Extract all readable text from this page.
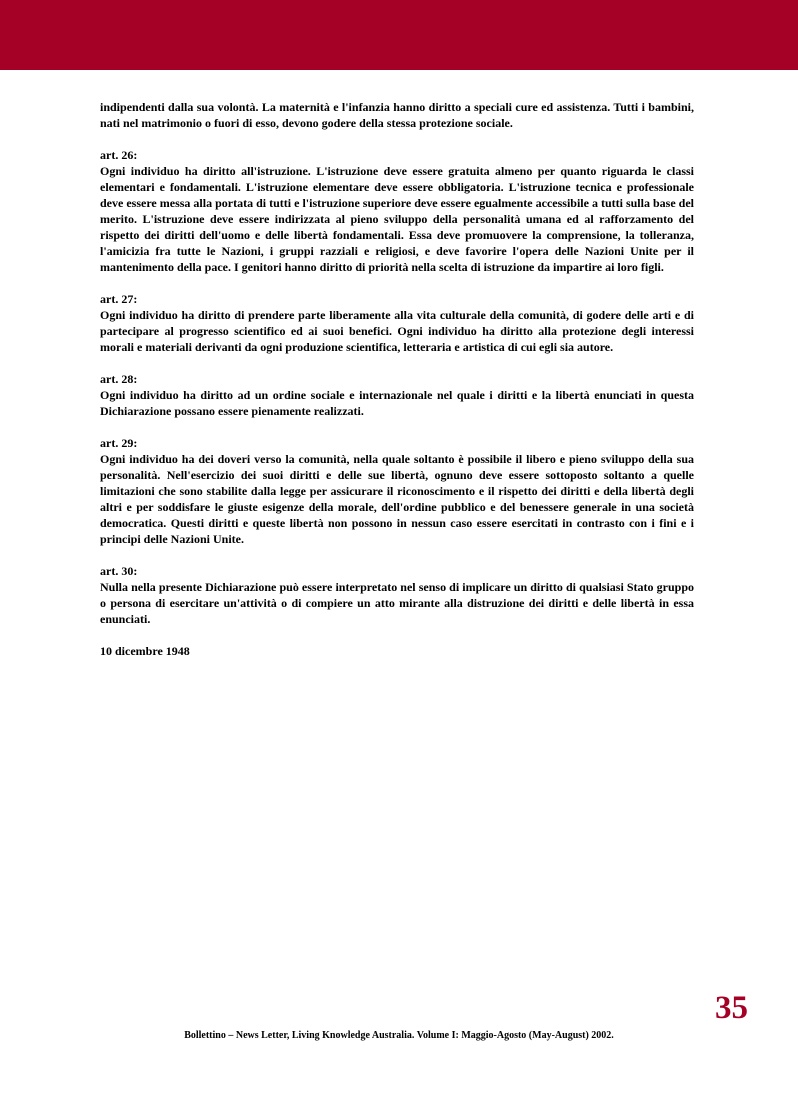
indipendenti dalla sua volontà. La maternità e l'infanzia hanno diritto a speciali cure ed assistenza. Tutti i bambini, nati nel matrimonio o fuori di esso, devono godere della stessa protezione sociale.

art. 26:
Ogni individuo ha diritto all'istruzione. L'istruzione deve essere gratuita almeno per quanto riguarda le classi elementari e fondamentali. L'istruzione elementare deve essere obbligatoria. L'istruzione tecnica e professionale deve essere messa alla portata di tutti e l'istruzione superiore deve essere egualmente accessibile a tutti sulla base del merito. L'istruzione deve essere indirizzata al pieno sviluppo della personalità umana ed al rafforzamento del rispetto dei diritti dell'uomo e delle libertà fondamentali. Essa deve promuovere la comprensione, la tolleranza, l'amicizia fra tutte le Nazioni, i gruppi razziali e religiosi, e deve favorire l'opera delle Nazioni Unite per il mantenimento della pace. I genitori hanno diritto di priorità nella scelta di istruzione da impartire ai loro figli.
art. 27:
Ogni individuo ha diritto di prendere parte liberamente alla vita culturale della comunità, di godere delle arti e di partecipare al progresso scientifico ed ai suoi benefici. Ogni individuo ha diritto alla protezione degli interessi morali e materiali derivanti da ogni produzione scientifica, letteraria e artistica di cui egli sia autore.
art. 28:
Ogni individuo ha diritto ad un ordine sociale e internazionale nel quale i diritti e la libertà enunciati in questa Dichiarazione possano essere pienamente realizzati.
art. 29:
Ogni individuo ha dei doveri verso la comunità, nella quale soltanto è possibile il libero e pieno sviluppo della sua personalità. Nell'esercizio dei suoi diritti e delle sue libertà, ognuno deve essere sottoposto soltanto a quelle limitazioni che sono stabilite dalla legge per assicurare il riconoscimento e il rispetto dei diritti e della libertà degli altri e per soddisfare le giuste esigenze della morale, dell'ordine pubblico e del benessere generale in una società democratica. Questi diritti e queste libertà non possono in nessun caso essere esercitati in contrasto con i fini e i principi delle Nazioni Unite.
art. 30:
Nulla nella presente Dichiarazione può essere interpretato nel senso di implicare un diritto di qualsiasi Stato gruppo o persona di esercitare un'attività o di compiere un atto mirante alla distruzione dei diritti e delle libertà in essa enunciati.
10 dicembre 1948
35
Bollettino – News Letter, Living Knowledge Australia. Volume I: Maggio-Agosto (May-August) 2002.
